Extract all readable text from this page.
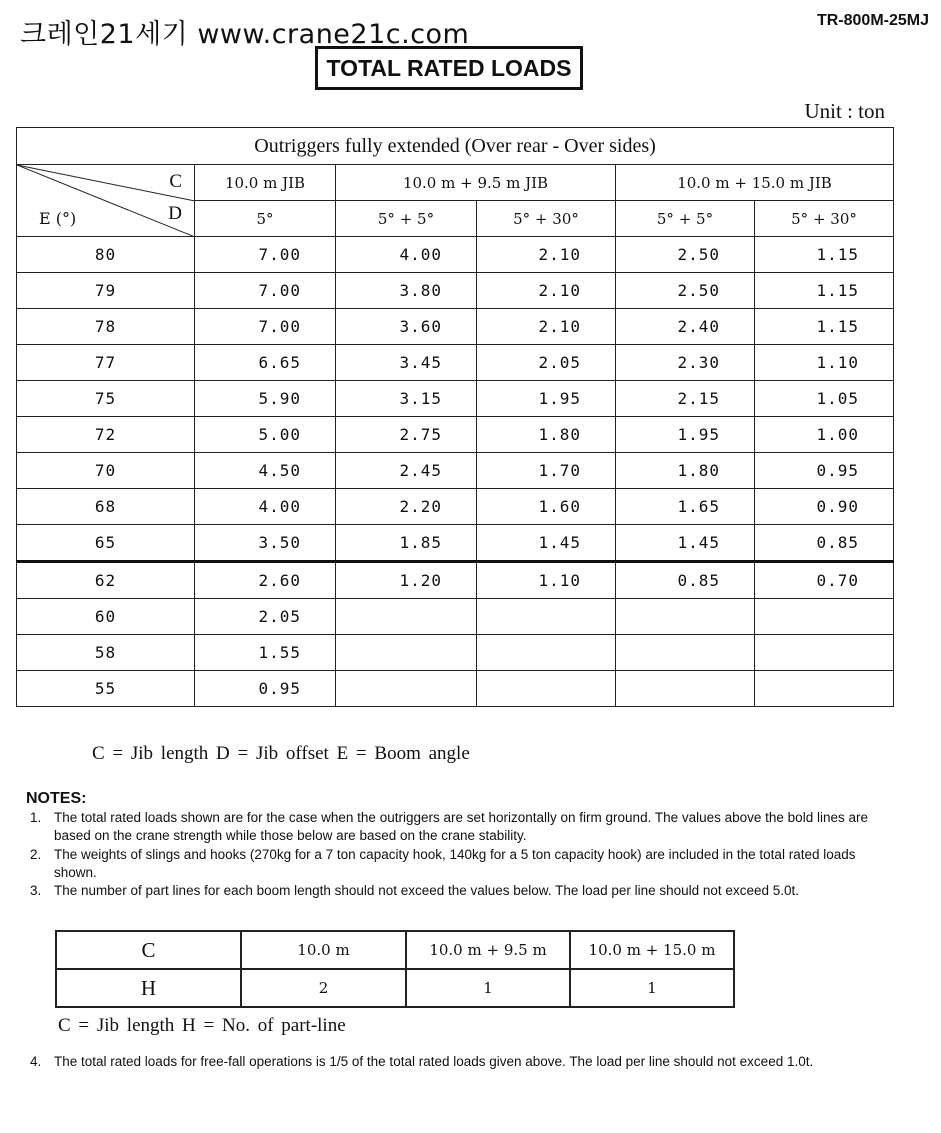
크레인21세기 www.crane21c.com	TR-800M-25MJ
TOTAL RATED LOADS
Unit : ton
Outriggers fully extended (Over rear - Over sides)					

C
D
E (°)	10.0 m JIB	10.0 m + 9.5 m JIB		10.0 m + 15.0 m JIB	
	5°	5° + 5°	5° + 30°	5° + 5°	5° + 30°
80	7.00	4.00	2.10	2.50	1.15
79	7.00	3.80	2.10	2.50	1.15
78	7.00	3.60	2.10	2.40	1.15
77	6.65	3.45	2.05	2.30	1.10
75	5.90	3.15	1.95	2.15	1.05
72	5.00	2.75	1.80	1.95	1.00
70	4.50	2.45	1.70	1.80	0.95
68	4.00	2.20	1.60	1.65	0.90
65	3.50	1.85	1.45	1.45	0.85
62	2.60	1.20	1.10	0.85	0.70
60	2.05				
58	1.55				
55	0.95				
C = Jib length D = Jib offset E = Boom angle
NOTES:
1. The total rated loads shown are for the case when the outriggers are set horizontally on firm ground. The values above the bold lines are based on the crane strength while those below are based on the crane stability.
2. The weights of slings and hooks (270kg for a 7 ton capacity hook, 140kg for a 5 ton capacity hook) are included in the total rated loads shown.
3. The number of part lines for each boom length should not exceed the values below. The load per line should not exceed 5.0t.
C	10.0 m	10.0 m + 9.5 m	10.0 m + 15.0 m
H	2	1	1
C = Jib length H = No. of part-line
4. The total rated loads for free-fall operations is 1/5 of the total rated loads given above. The load per line should not exceed 1.0t.
